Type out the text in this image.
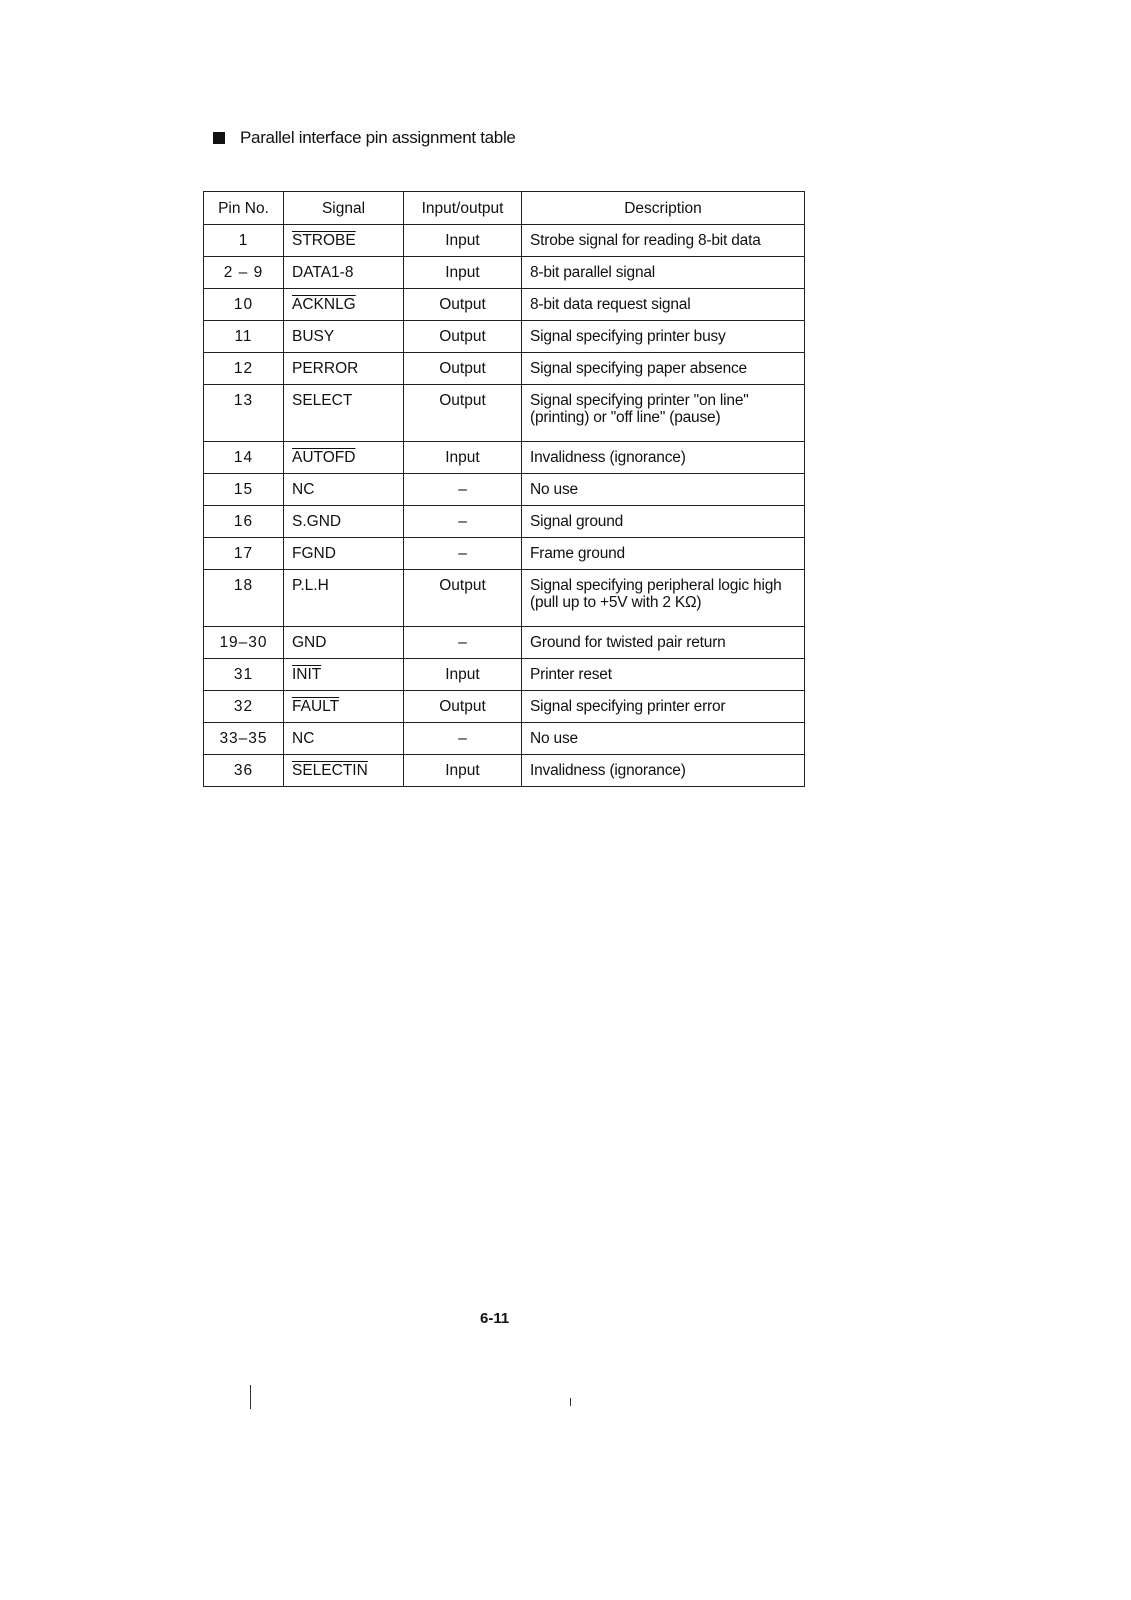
Parallel interface pin assignment table
Pin No.	Signal	Input/output	Description
1	STROBE	Input	Strobe signal for reading 8-bit data
2 – 9	DATA1-8	Input	8-bit parallel signal
10	ACKNLG	Output	8-bit data request signal
11	BUSY	Output	Signal specifying printer busy
12	PERROR	Output	Signal specifying paper absence
13	SELECT	Output	Signal specifying printer "on line" (printing) or "off line" (pause)
14	AUTOFD	Input	Invalidness (ignorance)
15	NC	–	No use
16	S.GND	–	Signal ground
17	FGND	–	Frame ground
18	P.L.H	Output	Signal specifying peripheral logic high (pull up to +5V with 2 KΩ)
19–30	GND	–	Ground for twisted pair return
31	INIT	Input	Printer reset
32	FAULT	Output	Signal specifying printer error
33–35	NC	–	No use
36	SELECTIN	Input	Invalidness (ignorance)
6-11
